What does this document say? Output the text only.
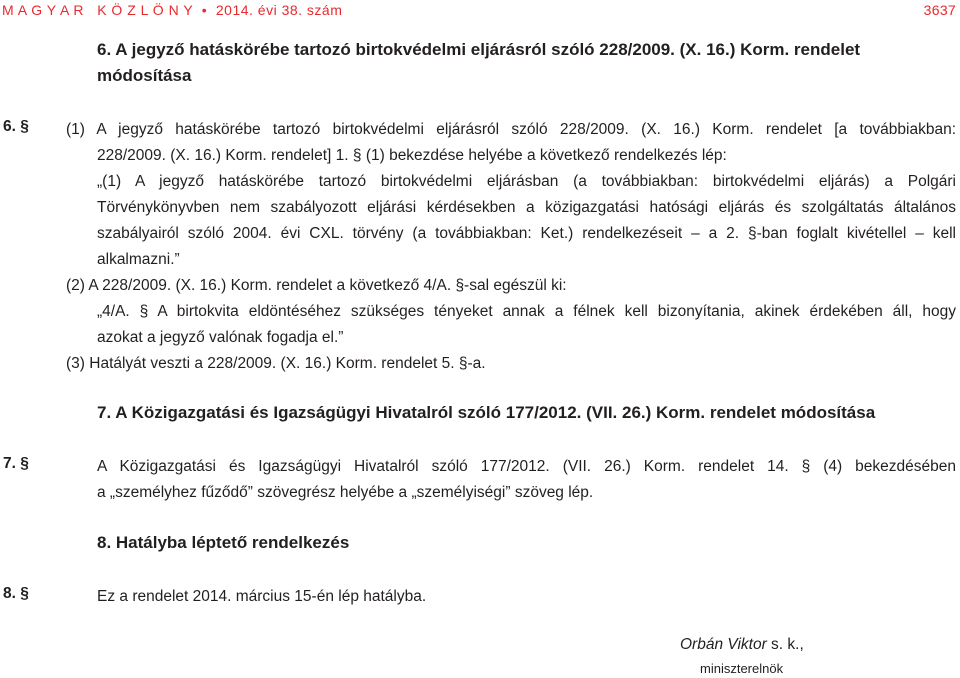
M A G Y A R   K Ö Z L Ö N Y  •  2014. évi 38. szám	3637
6. A jegyző hatáskörébe tartozó birtokvédelmi eljárásról szóló 228/2009. (X. 16.) Korm. rendelet
módosítása
6. § (1) A jegyző hatáskörébe tartozó birtokvédelmi eljárásról szóló 228/2009. (X. 16.) Korm. rendelet [a továbbiakban:
228/2009. (X. 16.) Korm. rendelet] 1. § (1) bekezdése helyébe a következő rendelkezés lép:
„(1) A jegyző hatáskörébe tartozó birtokvédelmi eljárásban (a továbbiakban: birtokvédelmi eljárás) a Polgári
Törvénykönyvben nem szabályozott eljárási kérdésekben a közigazgatási hatósági eljárás és szolgáltatás általános
szabályairól szóló 2004. évi CXL. törvény (a továbbiakban: Ket.) rendelkezéseit – a 2. §-ban foglalt kivétellel – kell
alkalmazni.”
(2) A 228/2009. (X. 16.) Korm. rendelet a következő 4/A. §-sal egészül ki:
„4/A. § A birtokvita eldöntéséhez szükséges tényeket annak a félnek kell bizonyítania, akinek érdekében áll, hogy
azokat a jegyző valónak fogadja el.”
(3) Hatályát veszti a 228/2009. (X. 16.) Korm. rendelet 5. §-a.
7. A Közigazgatási és Igazságügyi Hivatalról szóló 177/2012. (VII. 26.) Korm. rendelet módosítása
7. §	A Közigazgatási és Igazságügyi Hivatalról szóló 177/2012. (VII. 26.) Korm. rendelet 14. § (4) bekezdésében
a „személyhez fűződő” szövegrész helyébe a „személyiségi” szöveg lép.
8. Hatályba léptető rendelkezés
8. §	Ez a rendelet 2014. március 15-én lép hatályba.
Orbán Viktor s. k.,
miniszterelnök
